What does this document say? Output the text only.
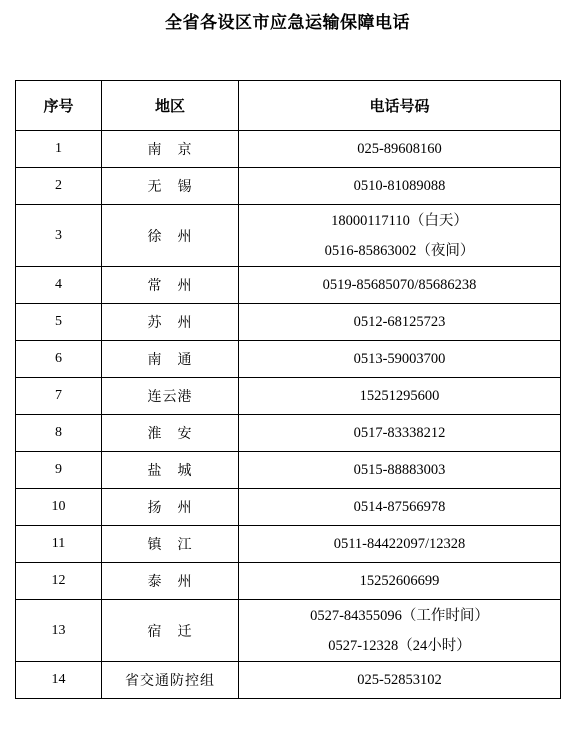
全省各设区市应急运输保障电话
序号	地区	电话号码
1	南　京	025-89608160

2	无　锡	0510-81089088

3	徐　州	18000117110（白天）
0516-85863002（夜间）

4	常　州	0519-85685070/85686238

5	苏　州	0512-68125723

6	南　通	0513-59003700

7	连云港	15251295600

8	淮　安	0517-83338212

9	盐　城	0515-88883003

10	扬　州	0514-87566978

11	镇　江	0511-84422097/12328

12	泰　州	15252606699

13	宿　迁	0527-84355096（工作时间）
0527-12328（24小时）

14	省交通防控组	025-52853102
